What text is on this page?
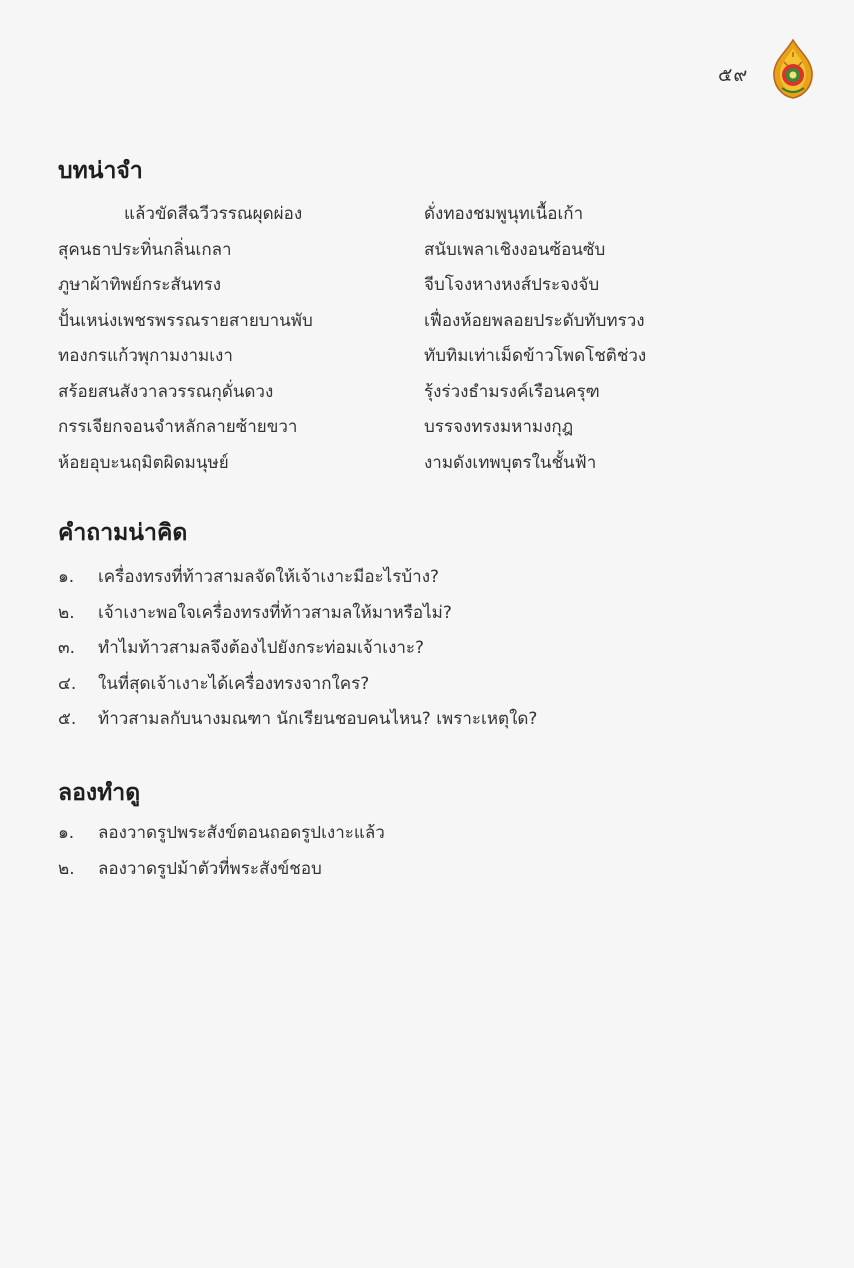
๕๙
บทน่าจำ
แล้วขัดสีฉวีวรรณผุดผ่อง	ดั่งทองชมพูนุทเนื้อเก้า
สุคนธาประทิ่นกลิ่นเกลา	สนับเพลาเชิงงอนซ้อนซับ
ภูษาผ้าทิพย์กระสันทรง	จีบโจงหางหงส์ประจงจับ
ปั้นเหน่งเพชรพรรณรายสายบานพับ	เฟื่องห้อยพลอยประดับทับทรวง
ทองกรแก้วพุกามงามเงา	ทับทิมเท่าเม็ดข้าวโพดโชติช่วง
สร้อยสนสังวาลวรรณกุดั่นดวง	รุ้งร่วงธำมรงค์เรือนครุฑ
กรรเจียกจอนจำหลักลายซ้ายขวา	บรรจงทรงมหามงกุฎ
ห้อยอุบะนฤมิตผิดมนุษย์	งามดังเทพบุตรในชั้นฟ้า
คำถามน่าคิด
๑. เครื่องทรงที่ท้าวสามลจัดให้เจ้าเงาะมีอะไรบ้าง?
๒. เจ้าเงาะพอใจเครื่องทรงที่ท้าวสามลให้มาหรือไม่?
๓. ทำไมท้าวสามลจึงต้องไปยังกระท่อมเจ้าเงาะ?
๔. ในที่สุดเจ้าเงาะได้เครื่องทรงจากใคร?
๕. ท้าวสามลกับนางมณฑา นักเรียนชอบคนไหน? เพราะเหตุใด?
ลองทำดู
๑. ลองวาดรูปพระสังข์ตอนถอดรูปเงาะแล้ว
๒. ลองวาดรูปม้าตัวที่พระสังข์ชอบ
